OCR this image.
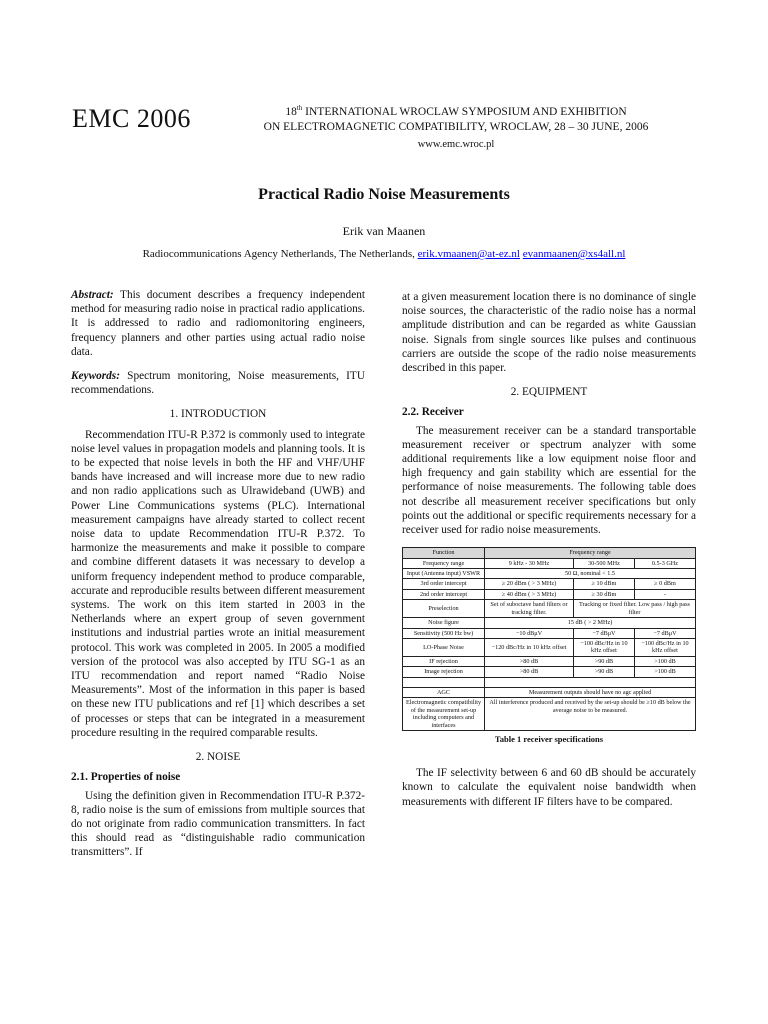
EMC 2006	18th INTERNATIONAL WROCLAW SYMPOSIUM AND EXHIBITION
ON ELECTROMAGNETIC COMPATIBILITY, WROCLAW, 28 – 30 JUNE, 2006
www.emc.wroc.pl
Practical Radio Noise Measurements
Erik van Maanen
Radiocommunications Agency Netherlands, The Netherlands, erik.vmaanen@at-ez.nl evanmaanen@xs4all.nl

Abstract: This document describes a frequency independent method for measuring radio noise in practical radio applications. It is addressed to radio and radiomonitoring engineers, frequency planners and other parties using actual radio noise data.

Keywords: Spectrum monitoring, Noise measurements, ITU recommendations.

1. INTRODUCTION

Recommendation ITU-R P.372 is commonly used to integrate noise level values in propagation models and planning tools. It is to be expected that noise levels in both the HF and VHF/UHF bands have increased and will increase more due to new radio and non radio applications such as Ulrawideband (UWB) and Power Line Communications systems (PLC). International measurement campaigns have already started to collect recent noise data to update Recommendation ITU-R P.372. To harmonize the measurements and make it possible to compare and combine different datasets it was necessary to develop a uniform frequency independent method to produce comparable, accurate and reproducible results between different measurement systems. The work on this item started in 2003 in the Netherlands where an expert group of seven government institutions and industrial parties wrote an initial measurement protocol. This work was completed in 2005. In 2005 a modified version of the protocol was also accepted by ITU SG-1 as an ITU recommendation and report named “Radio Noise Measurements”. Most of the information in this paper is based on these new ITU publications and ref [1] which describes a set of processes or steps that can be integrated in a measurement procedure resulting in the required comparable results.

2. NOISE
2.1. Properties of noise

Using the definition given in Recommendation ITU-R P.372-8, radio noise is the sum of emissions from multiple sources that do not originate from radio communication transmitters. In fact this should read as “distinguishable radio communication transmitters”. If

at a given measurement location there is no dominance of single noise sources, the characteristic of the radio noise has a normal amplitude distribution and can be regarded as white Gaussian noise. Signals from single sources like pulses and continuous carriers are outside the scope of the radio noise measurements described in this paper.

2. EQUIPMENT
2.2. Receiver

The measurement receiver can be a standard transportable measurement receiver or spectrum analyzer with some additional requirements like a low equipment noise floor and high frequency and gain stability which are essential for the performance of noise measurements. The following table does not describe all measurement receiver specifications but only points out the additional or specific requirements necessary for a receiver used for radio noise measurements.

Function	Frequency range		
Frequency range	9 kHz - 30 MHz	30-500 MHz	0.5-3 GHz
Input (Antenna input) VSWR	50 Ω, nominal < 1.5		
3rd order intercept	≥ 20 dBm ( > 3 MHz)	≥ 10 dBm	≥ 0 dBm
2nd order intercept	≥ 40 dBm ( > 3 MHz)	≥ 30 dBm	-
Preselection	Set of suboctave band filters or tracking filter.	Tracking or fixed filter. Low pass / high pass filter	
Noise figure	15 dB ( > 2 MHz)		
Sensitivity (500 Hz bw)	−10 dBμV	−7 dBμV	−7 dBμV
LO-Phase Noise	−120 dBc/Hz in 10 kHz offset	−100 dBc/Hz in 10 kHz offset	−100 dBc/Hz in 10 kHz offset
IF rejection	>80 dB	>90 dB	>100 dB
Image rejection	>80 dB	>90 dB	>100 dB

AGC	Measurement outputs should have no agc applied		
Electromagnetic compatibility of the measurement set-up including computers and interfaces	All interference produced and received by the set-up should be ≥10 dB below the average noise to be measured.		
Table 1 receiver specifications

The IF selectivity between 6 and 60 dB should be accurately known to calculate the equivalent noise bandwidth when measurements with different IF filters have to be compared.
